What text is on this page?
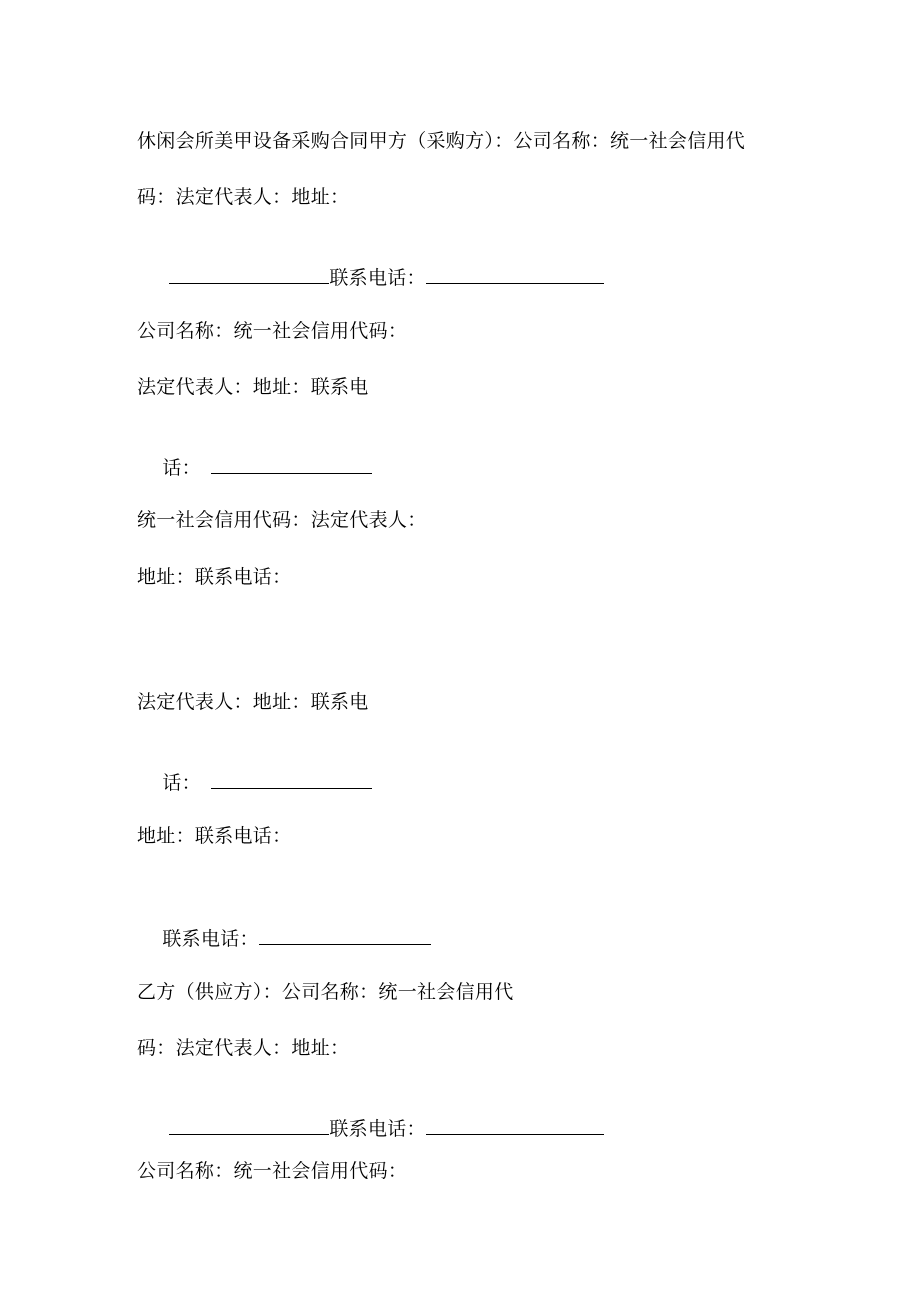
休闲会所美甲设备采购合同甲方（采购方）：公司名称：统一社会信用代
码：法定代表人：地址：

联系电话：

公司名称：统一社会信用代码：
法定代表人：地址：联系电

话：

统一社会信用代码：法定代表人：
地址：联系电话：
法定代表人：地址：联系电

话：

地址：联系电话：

联系电话：

乙方（供应方）：公司名称：统一社会信用代
码：法定代表人：地址：

联系电话：

公司名称：统一社会信用代码：
